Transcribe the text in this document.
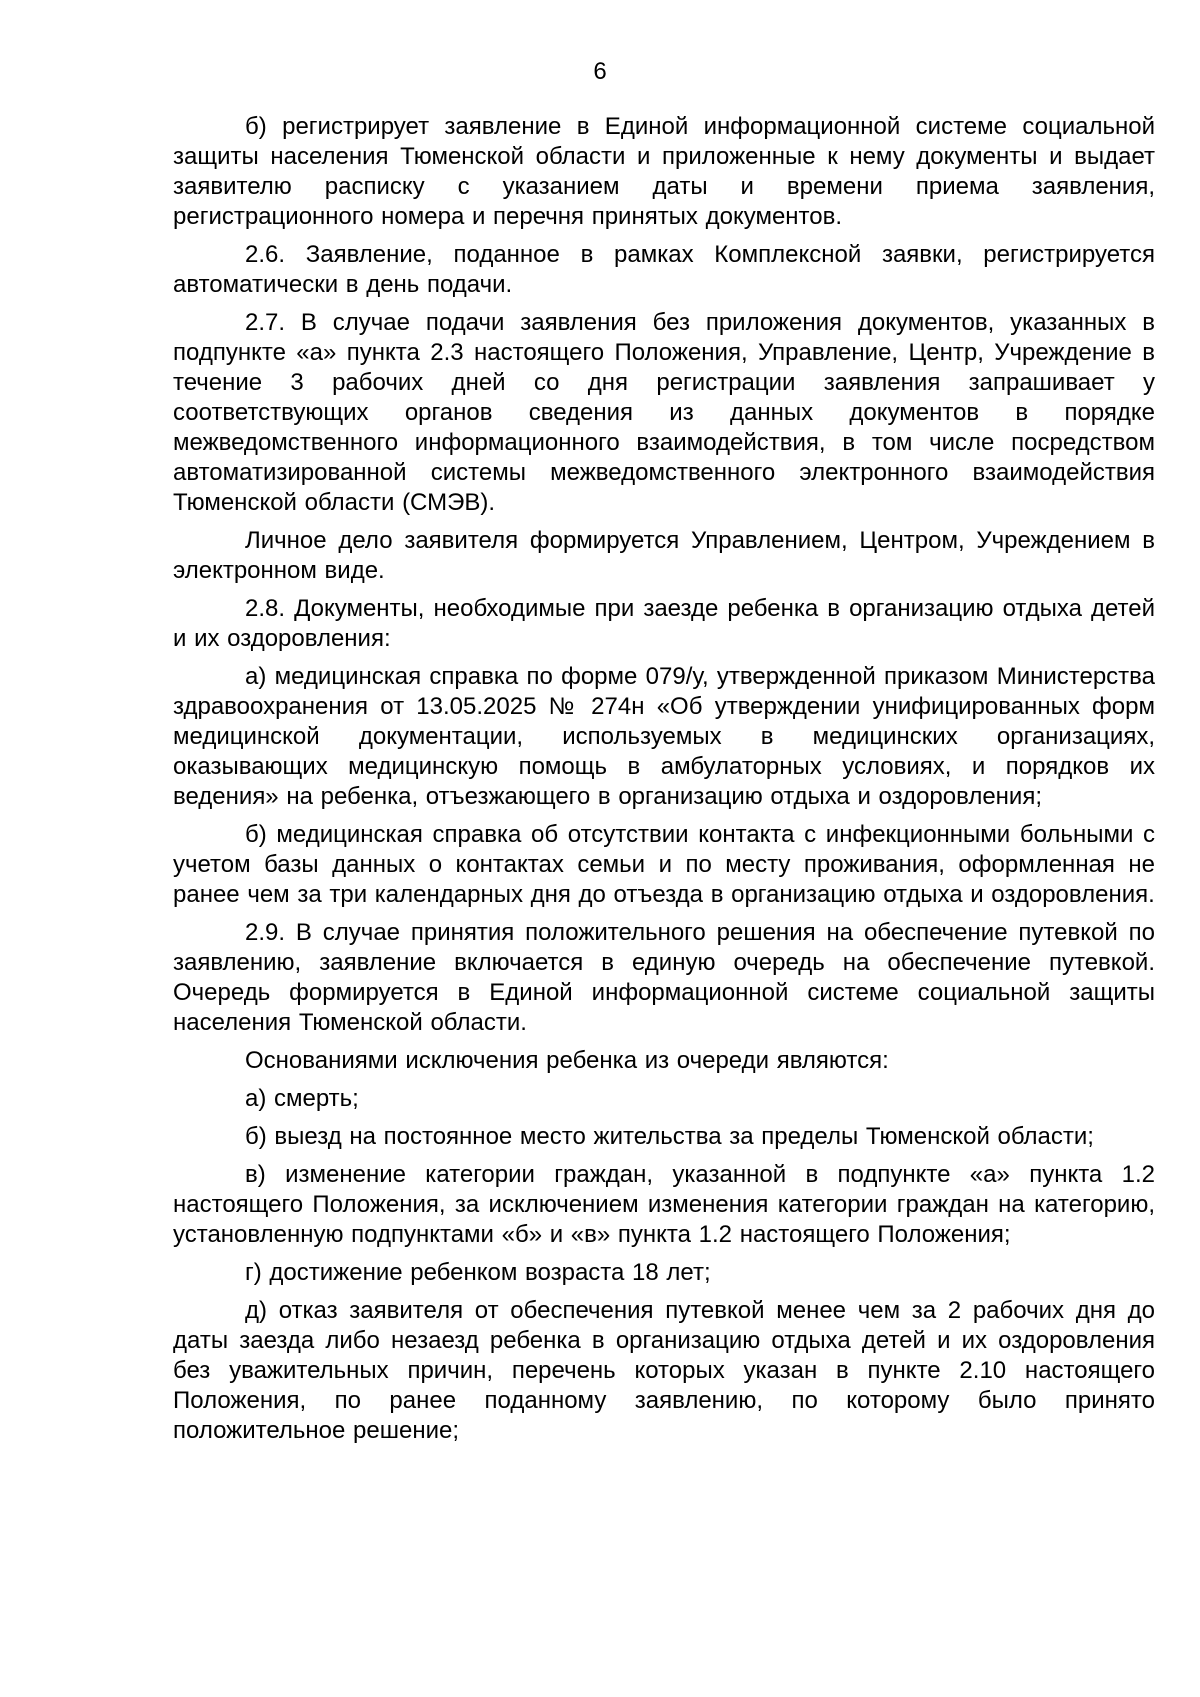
6

б) регистрирует заявление в Единой информационной системе социальной защиты населения Тюменской области и приложенные к нему документы и выдает заявителю расписку с указанием даты и времени приема заявления, регистрационного номера и перечня принятых документов.

2.6. Заявление, поданное в рамках Комплексной заявки, регистрируется автоматически в день подачи.

2.7. В случае подачи заявления без приложения документов, указанных в подпункте «а» пункта 2.3 настоящего Положения, Управление, Центр, Учреждение в течение 3 рабочих дней со дня регистрации заявления запрашивает у соответствующих органов сведения из данных документов в порядке межведомственного информационного взаимодействия, в том числе посредством автоматизированной системы межведомственного электронного взаимодействия Тюменской области (СМЭВ).

Личное дело заявителя формируется Управлением, Центром, Учреждением в электронном виде.

2.8. Документы, необходимые при заезде ребенка в организацию отдыха детей и их оздоровления:

а) медицинская справка по форме 079/у, утвержденной приказом Министерства здравоохранения от 13.05.2025 № 274н «Об утверждении унифицированных форм медицинской документации, используемых в медицинских организациях, оказывающих медицинскую помощь в амбулаторных условиях, и порядков их ведения» на ребенка, отъезжающего в организацию отдыха и оздоровления;

б) медицинская справка об отсутствии контакта с инфекционными больными с учетом базы данных о контактах семьи и по месту проживания, оформленная не ранее чем за три календарных дня до отъезда в организацию отдыха и оздоровления.

2.9. В случае принятия положительного решения на обеспечение путевкой по заявлению, заявление включается в единую очередь на обеспечение путевкой. Очередь формируется в Единой информационной системе социальной защиты населения Тюменской области.

Основаниями исключения ребенка из очереди являются:

а) смерть;

б) выезд на постоянное место жительства за пределы Тюменской области;

в) изменение категории граждан, указанной в подпункте «а» пункта 1.2 настоящего Положения, за исключением изменения категории граждан на категорию, установленную подпунктами «б» и «в» пункта 1.2 настоящего Положения;

г) достижение ребенком возраста 18 лет;

д) отказ заявителя от обеспечения путевкой менее чем за 2 рабочих дня до даты заезда либо незаезд ребенка в организацию отдыха детей и их оздоровления без уважительных причин, перечень которых указан в пункте 2.10 настоящего Положения, по ранее поданному заявлению, по которому было принято положительное решение;
